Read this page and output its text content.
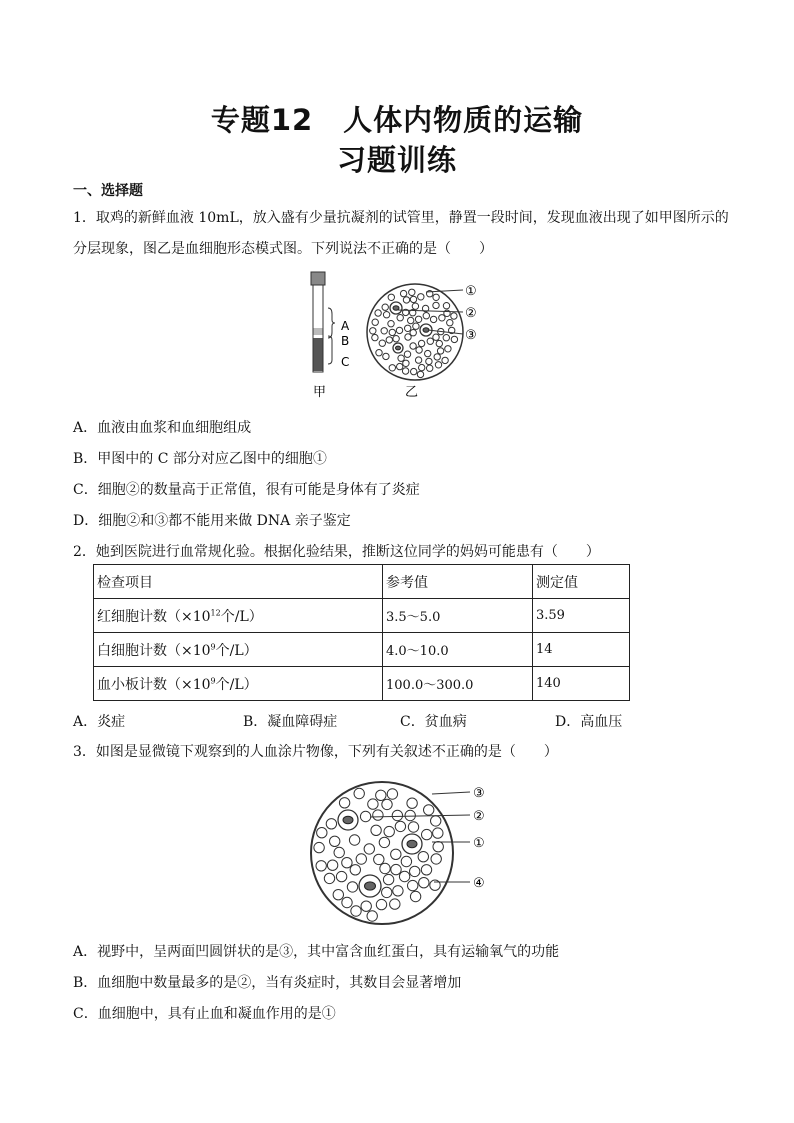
专题12　人体内物质的运输
习题训练
一、选择题
1．取鸡的新鲜血液 10mL，放入盛有少量抗凝剂的试管里，静置一段时间，发现血液出现了如甲图所示的
分层现象，图乙是血细胞形态模式图。下列说法不正确的是（　　）
A
B
C
甲
①
②
③
乙
A．血液由血浆和血细胞组成
B．甲图中的 C 部分对应乙图中的细胞①
C．细胞②的数量高于正常值，很有可能是身体有了炎症
D．细胞②和③都不能用来做 DNA 亲子鉴定
2．她到医院进行血常规化验。根据化验结果，推断这位同学的妈妈可能患有（　　）
检查项目	参考值	测定值
红细胞计数（$\times 10^{12}$个/L）	3.5～5.0	3.59
白细胞计数（$\times 10^9$个/L）	4.0～10.0	14
血小板计数（$\times 10^9$个/L）	100.0～300.0	140
A．炎症	B．凝血障碍症	C．贫血病	D．高血压
3．如图是显微镜下观察到的人血涂片物像，下列有关叙述不正确的是（　　）
③
②
①
④
A．视野中，呈两面凹圆饼状的是③，其中富含血红蛋白，具有运输氧气的功能
B．血细胞中数量最多的是②，当有炎症时，其数目会显著增加
C．血细胞中，具有止血和凝血作用的是①
